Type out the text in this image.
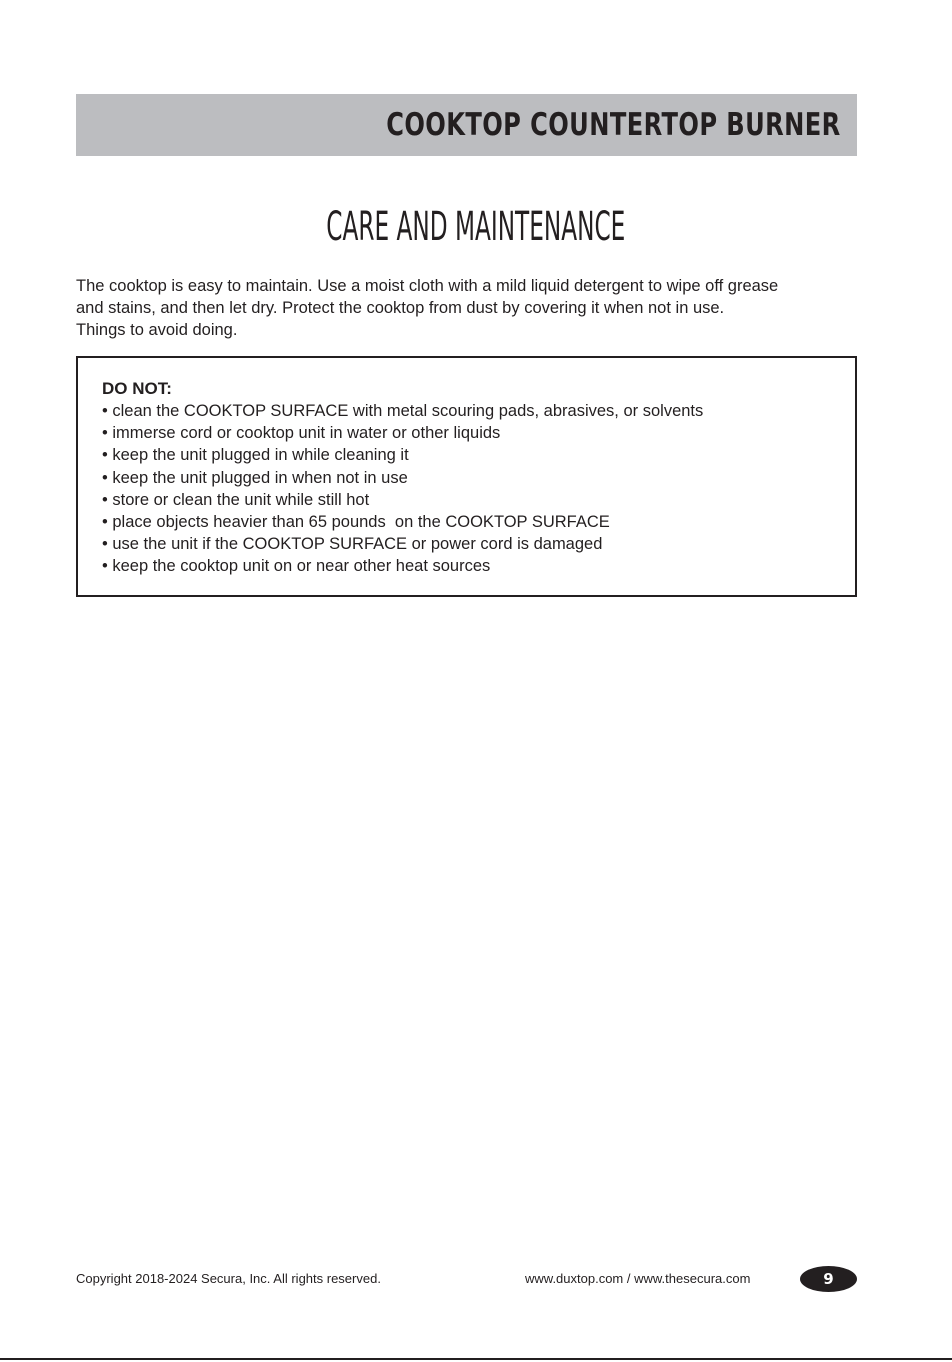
COOKTOP COUNTERTOP BURNER
CARE AND MAINTENANCE
The cooktop is easy to maintain. Use a moist cloth with a mild liquid detergent to wipe off grease
and stains, and then let dry. Protect the cooktop from dust by covering it when not in use.
Things to avoid doing.
DO NOT:
• clean the COOKTOP SURFACE with metal scouring pads, abrasives, or solvents
• immerse cord or cooktop unit in water or other liquids
• keep the unit plugged in while cleaning it
• keep the unit plugged in when not in use
• store or clean the unit while still hot
• place objects heavier than 65 pounds  on the COOKTOP SURFACE
• use the unit if the COOKTOP SURFACE or power cord is damaged
• keep the cooktop unit on or near other heat sources
Copyright 2018-2024 Secura, Inc. All rights reserved.	www.duxtop.com / www.thesecura.com	9
